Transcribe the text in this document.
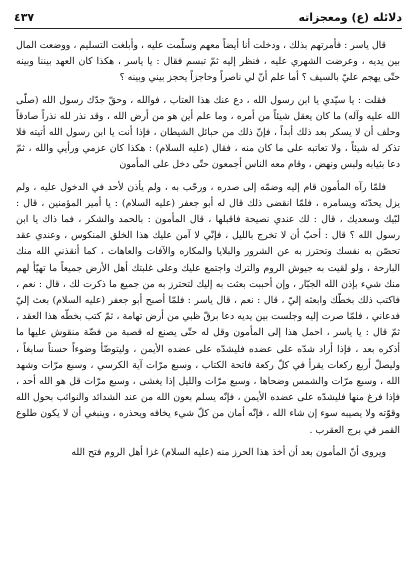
٤٣٧	دلائله (ع) ومعجزاته

قال ياسر : فأمرتهم بذلك ، ودخلت أنا أيضاً معهم وسلّمت عليه ، وأبلغت التسليم ، ووضعت المال بين يديه ، وعرضت الشهري عليه ، فنظر إليه ثمّ تبسم فقال : يا ياسر ، هكذا كان العهد بيننا وبينه حتّى يهجم عليّ بالسيف ؟ أما علم أنّ لي ناصراً وحاجزاً يحجز بيني وبينه ؟

فقلت : يا سيّدي يا ابن رسول الله ، دع عنك هذا العتاب ، فوالله ، وحقّ جدّك رسول الله (صلّى الله عليه وآله) ما كان يعقل شيئاً من أمره ، وما علم أين هو من أرض الله ، وقد نذر لله نذراً صادقاً وحلف أن لا يسكر بعد ذلك أبداً ، فإنّ ذلك من حبائل الشيطان ، فإذا أنت يا ابن رسول الله أتيته فلا تذكر له شيئاً ، ولا تعاتبه على ما كان منه ، فقال (عليه السلام) : هكذا كان عزمي ورأيي والله ، ثمّ دعا بثيابه ولبس ونهض ، وقام معه الناس أجمعون حتّى دخل على المأمون

فلمّا رآه المأمون قام إليه وضمّه إلى صدره ، ورحّب به ، ولم يأذن لأحد في الدخول عليه ، ولم يزل يحدّثه ويسامره ، فلمّا انقضى ذلك قال له أبو جعفر (عليه السلام) : يا أمير المؤمنين ، قال : لبّيك وسعديك ، قال : لك عندي نصيحة فاقبلها ، قال المأمون : بالحمد والشكر ، فما ذاك يا ابن رسول الله ؟ قال : أحبّ أن لا تخرج بالليل ، فإنّي لا آمن عليك هذا الخلق المنكوس ، وعندي عقد تحصّن به نفسك وتحترز به عن الشرور والبلايا والمكاره والآفات والعاهات ، كما أنقذني الله منك البارحة ، ولو لقيت به جيوش الروم والترك واجتمع عليك وعلى غلبتك أهل الأرض جميعاً ما تهيّأ لهم منك شيء بإذن الله الجبّار ، وإن أحببت بعثت به إليك لتحترز به من جميع ما ذكرت لك ، قال : نعم ، فاكتب ذلك بخطّك وابعثه إليّ ، قال : نعم ، قال ياسر : فلمّا أصبح أبو جعفر (عليه السلام) بعث إليّ فدعاني ، فلمّا صرت إليه وجلست بين يديه دعا برقّ ظبي من أرض تهامة ، ثمّ كتب بخطّه هذا العقد ، ثمّ قال : يا ياسر ، احمل هذا إلى المأمون وقل له حتّى يصنع له قصبة من فضّة منقوش عليها ما أذكره بعد ، فإذا أراد شدّه على عضده فليشدّه على عضده الأيمن ، وليتوضّأ وضوءاً حسناً سابغاً ، وليصلّ أربع ركعات يقرأ في كلّ ركعة فاتحة الكتاب ، وسبع مرّات آية الكرسي ، وسبع مرّات وشهد الله ، وسبع مرّات والشمس وضحاها ، وسبع مرّات والليل إذا يغشى ، وسبع مرّات قل هو الله أحد ، فإذا فرغ منها فليشدّه على عضده الأيمن ، فإنّه يسلم بعون الله من عند الشدائد والنوائب بحول الله وقوّته ولا يصيبه سوء إن شاء الله ، فإنّه أمان من كلّ شيء يخافه ويحذره ، وينبغي أن لا يكون طلوع القمر في برج العقرب .

ويروى أنّ المأمون بعد أن أخذ هذا الحرز منه (عليه السلام) غزا أهل الروم فتح الله
